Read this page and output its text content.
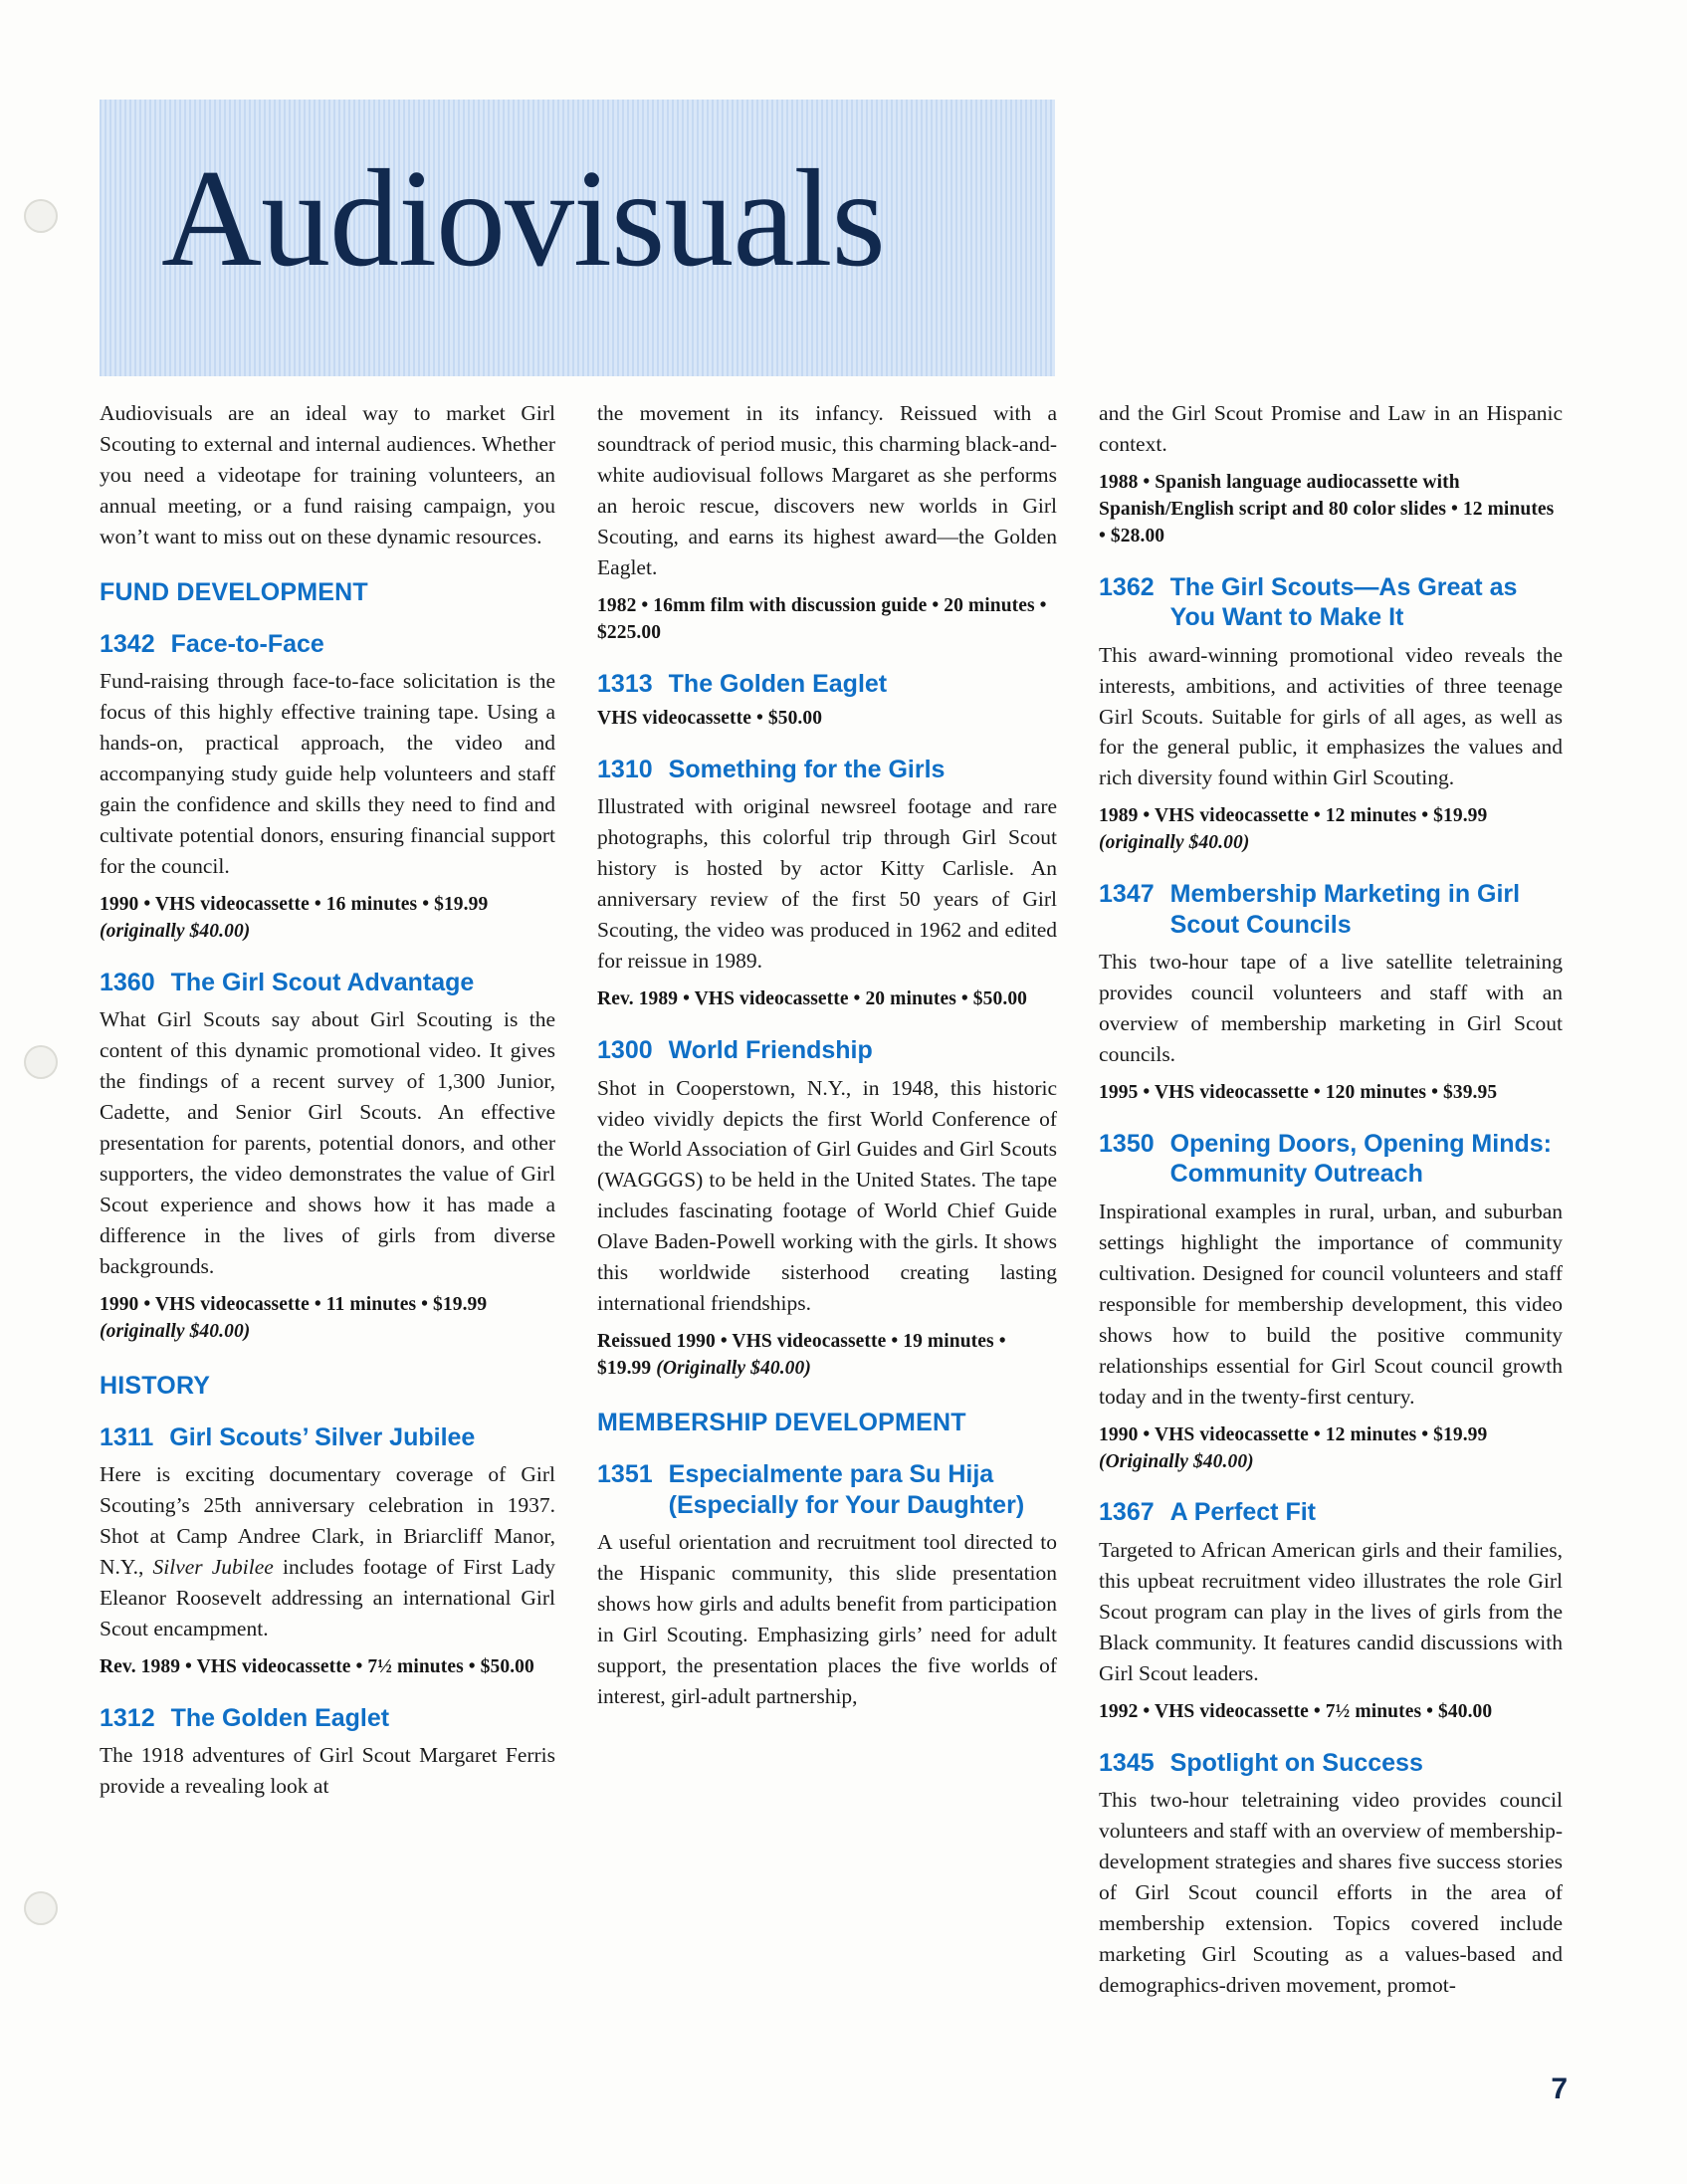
Audiovisuals
Audiovisuals are an ideal way to market Girl Scouting to external and internal audiences. Whether you need a videotape for training volunteers, an annual meeting, or a fund raising campaign, you won’t want to miss out on these dynamic resources.
FUND DEVELOPMENT
1342 Face-to-Face
Fund-raising through face-to-face solicitation is the focus of this highly effective training tape. Using a hands-on, practical approach, the video and accompanying study guide help volunteers and staff gain the confidence and skills they need to find and cultivate potential donors, ensuring financial support for the council.
1990 • VHS videocassette • 16 minutes • $19.99 (originally $40.00)
1360 The Girl Scout Advantage
What Girl Scouts say about Girl Scouting is the content of this dynamic promotional video. It gives the findings of a recent survey of 1,300 Junior, Cadette, and Senior Girl Scouts. An effective presentation for parents, potential donors, and other supporters, the video demonstrates the value of Girl Scout experience and shows how it has made a difference in the lives of girls from diverse backgrounds.
1990 • VHS videocassette • 11 minutes • $19.99 (originally $40.00)
HISTORY
1311 Girl Scouts’ Silver Jubilee
Here is exciting documentary coverage of Girl Scouting’s 25th anniversary celebration in 1937. Shot at Camp Andree Clark, in Briarcliff Manor, N.Y., Silver Jubilee includes footage of First Lady Eleanor Roosevelt addressing an international Girl Scout encampment.
Rev. 1989 • VHS videocassette • 7½ minutes • $50.00
1312 The Golden Eaglet
The 1918 adventures of Girl Scout Margaret Ferris provide a revealing look at
the movement in its infancy. Reissued with a soundtrack of period music, this charming black-and-white audiovisual follows Margaret as she performs an heroic rescue, discovers new worlds in Girl Scouting, and earns its highest award—the Golden Eaglet.
1982 • 16mm film with discussion guide • 20 minutes • $225.00
1313 The Golden Eaglet
VHS videocassette • $50.00
1310 Something for the Girls
Illustrated with original newsreel footage and rare photographs, this colorful trip through Girl Scout history is hosted by actor Kitty Carlisle. An anniversary review of the first 50 years of Girl Scouting, the video was produced in 1962 and edited for reissue in 1989.
Rev. 1989 • VHS videocassette • 20 minutes • $50.00
1300 World Friendship
Shot in Cooperstown, N.Y., in 1948, this historic video vividly depicts the first World Conference of the World Association of Girl Guides and Girl Scouts (WAGGGS) to be held in the United States. The tape includes fascinating footage of World Chief Guide Olave Baden-Powell working with the girls. It shows this worldwide sisterhood creating lasting international friendships.
Reissued 1990 • VHS videocassette • 19 minutes • $19.99 (Originally $40.00)
MEMBERSHIP DEVELOPMENT
1351 Especialmente para Su Hija (Especially for Your Daughter)
A useful orientation and recruitment tool directed to the Hispanic community, this slide presentation shows how girls and adults benefit from participation in Girl Scouting. Emphasizing girls’ need for adult support, the presentation places the five worlds of interest, girl-adult partnership,
and the Girl Scout Promise and Law in an Hispanic context.
1988 • Spanish language audiocassette with Spanish/English script and 80 color slides • 12 minutes • $28.00
1362 The Girl Scouts—As Great as You Want to Make It
This award-winning promotional video reveals the interests, ambitions, and activities of three teenage Girl Scouts. Suitable for girls of all ages, as well as for the general public, it emphasizes the values and rich diversity found within Girl Scouting.
1989 • VHS videocassette • 12 minutes • $19.99 (originally $40.00)
1347 Membership Marketing in Girl Scout Councils
This two-hour tape of a live satellite teletraining provides council volunteers and staff with an overview of membership marketing in Girl Scout councils.
1995 • VHS videocassette • 120 minutes • $39.95
1350 Opening Doors, Opening Minds: Community Outreach
Inspirational examples in rural, urban, and suburban settings highlight the importance of community cultivation. Designed for council volunteers and staff responsible for membership development, this video shows how to build the positive community relationships essential for Girl Scout council growth today and in the twenty-first century.
1990 • VHS videocassette • 12 minutes • $19.99 (Originally $40.00)
1367 A Perfect Fit
Targeted to African American girls and their families, this upbeat recruitment video illustrates the role Girl Scout program can play in the lives of girls from the Black community. It features candid discussions with Girl Scout leaders.
1992 • VHS videocassette • 7½ minutes • $40.00
1345 Spotlight on Success
This two-hour teletraining video provides council volunteers and staff with an overview of membership-development strategies and shares five success stories of Girl Scout council efforts in the area of membership extension. Topics covered include marketing Girl Scouting as a values-based and demographics-driven movement, promot-
7
